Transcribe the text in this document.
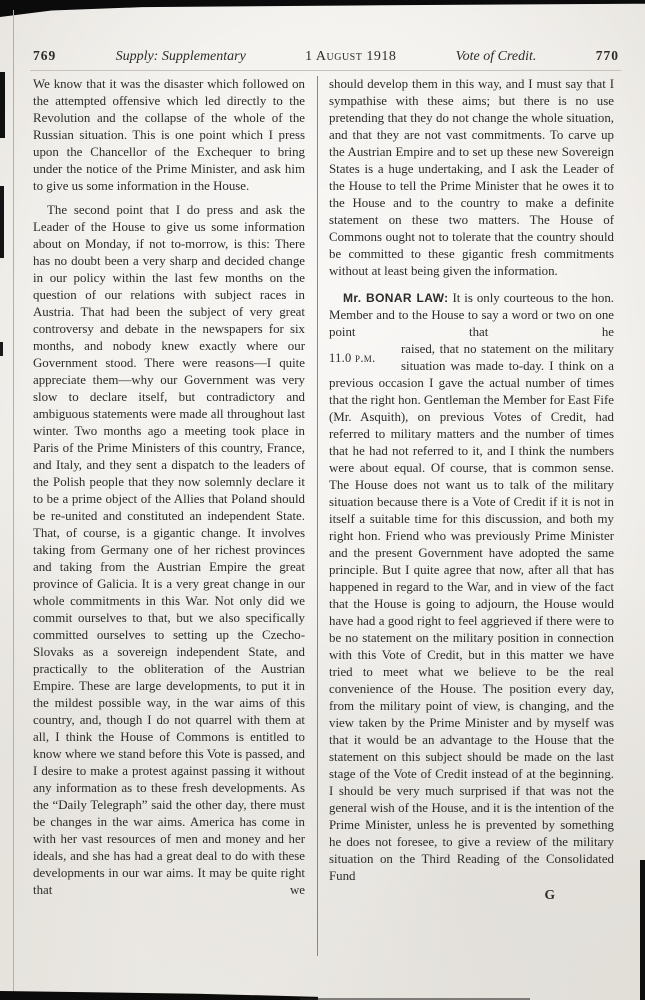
769	Supply: Supplementary	1 August 1918	Vote of Credit.	770

We know that it was the disaster which followed on the attempted offensive which led directly to the Revolution and the collapse of the whole of the Russian situation. This is one point which I press upon the Chancellor of the Exchequer to bring under the notice of the Prime Minister, and ask him to give us some information in the House.

The second point that I do press and ask the Leader of the House to give us some information about on Monday, if not to-morrow, is this: There has no doubt been a very sharp and decided change in our policy within the last few months on the question of our relations with subject races in Austria. That had been the subject of very great controversy and debate in the newspapers for six months, and nobody knew exactly where our Government stood. There were reasons—I quite appreciate them—why our Government was very slow to declare itself, but contradictory and ambiguous statements were made all throughout last winter. Two months ago a meeting took place in Paris of the Prime Ministers of this country, France, and Italy, and they sent a dispatch to the leaders of the Polish people that they now solemnly declare it to be a prime object of the Allies that Poland should be re-united and constituted an independent State. That, of course, is a gigantic change. It involves taking from Germany one of her richest provinces and taking from the Austrian Empire the great province of Galicia. It is a very great change in our whole commitments in this War. Not only did we commit ourselves to that, but we also specifically committed ourselves to setting up the Czecho-Slovaks as a sovereign independent State, and practically to the obliteration of the Austrian Empire. These are large developments, to put it in the mildest possible way, in the war aims of this country, and, though I do not quarrel with them at all, I think the House of Commons is entitled to know where we stand before this Vote is passed, and I desire to make a protest against passing it without any information as to these fresh developments. As the “Daily Telegraph” said the other day, there must be changes in the war aims. America has come in with her vast resources of men and money and her ideals, and she has had a great deal to do with these developments in our war aims. It may be quite right that we

should develop them in this way, and I must say that I sympathise with these aims; but there is no use pretending that they do not change the whole situation, and that they are not vast commitments. To carve up the Austrian Empire and to set up these new Sovereign States is a huge undertaking, and I ask the Leader of the House to tell the Prime Minister that he owes it to the House and to the country to make a definite statement on these two matters. The House of Commons ought not to tolerate that the country should be committed to these gigantic fresh commitments without at least being given the information.

Mr. BONAR LAW: It is only courteous to the hon. Member and to the House to say a word or two on one point that he

11.0 p.m.
raised, that no statement on the military situation was made to-day. I think on a

previous occasion I gave the actual number of times that the right hon. Gentleman the Member for East Fife (Mr. Asquith), on previous Votes of Credit, had referred to military matters and the number of times that he had not referred to it, and I think the numbers were about equal. Of course, that is common sense. The House does not want us to talk of the military situation because there is a Vote of Credit if it is not in itself a suitable time for this discussion, and both my right hon. Friend who was previously Prime Minister and the present Government have adopted the same principle. But I quite agree that now, after all that has happened in regard to the War, and in view of the fact that the House is going to adjourn, the House would have had a good right to feel aggrieved if there were to be no statement on the military position in connection with this Vote of Credit, but in this matter we have tried to meet what we believe to be the real convenience of the House. The position every day, from the military point of view, is changing, and the view taken by the Prime Minister and by myself was that it would be an advantage to the House that the statement on this subject should be made on the last stage of the Vote of Credit instead of at the beginning. I should be very much surprised if that was not the general wish of the House, and it is the intention of the Prime Minister, unless he is prevented by something he does not foresee, to give a review of the military situation on the Third Reading of the Consolidated Fund

G
